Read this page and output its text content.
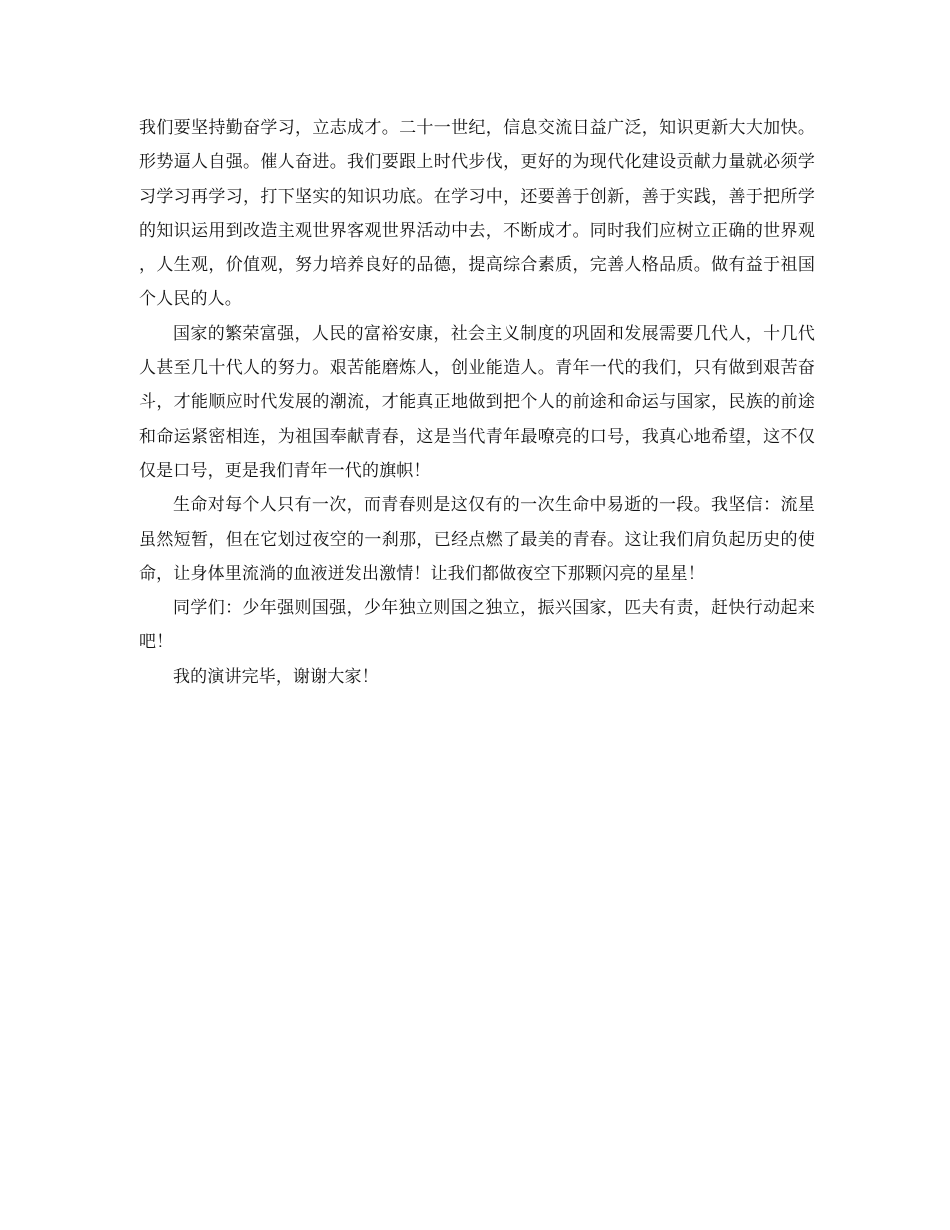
我们要坚持勤奋学习，立志成才。二十一世纪，信息交流日益广泛，知识更新大大加快。形势逼人自强。催人奋进。我们要跟上时代步伐，更好的为现代化建设贡献力量就必须学习学习再学习，打下坚实的知识功底。在学习中，还要善于创新，善于实践，善于把所学的知识运用到改造主观世界客观世界活动中去，不断成才。同时我们应树立正确的世界观，人生观，价值观，努力培养良好的品德，提高综合素质，完善人格品质。做有益于祖国个人民的人。

国家的繁荣富强，人民的富裕安康，社会主义制度的巩固和发展需要几代人，十几代人甚至几十代人的努力。艰苦能磨炼人，创业能造人。青年一代的我们，只有做到艰苦奋斗，才能顺应时代发展的潮流，才能真正地做到把个人的前途和命运与国家，民族的前途和命运紧密相连，为祖国奉献青春，这是当代青年最嘹亮的口号，我真心地希望，这不仅仅是口号，更是我们青年一代的旗帜！

生命对每个人只有一次，而青春则是这仅有的一次生命中易逝的一段。我坚信：流星虽然短暂，但在它划过夜空的一刹那，已经点燃了最美的青春。这让我们肩负起历史的使命，让身体里流淌的血液迸发出激情！让我们都做夜空下那颗闪亮的星星！

同学们：少年强则国强，少年独立则国之独立，振兴国家，匹夫有责，赶快行动起来吧！

我的演讲完毕，谢谢大家！
